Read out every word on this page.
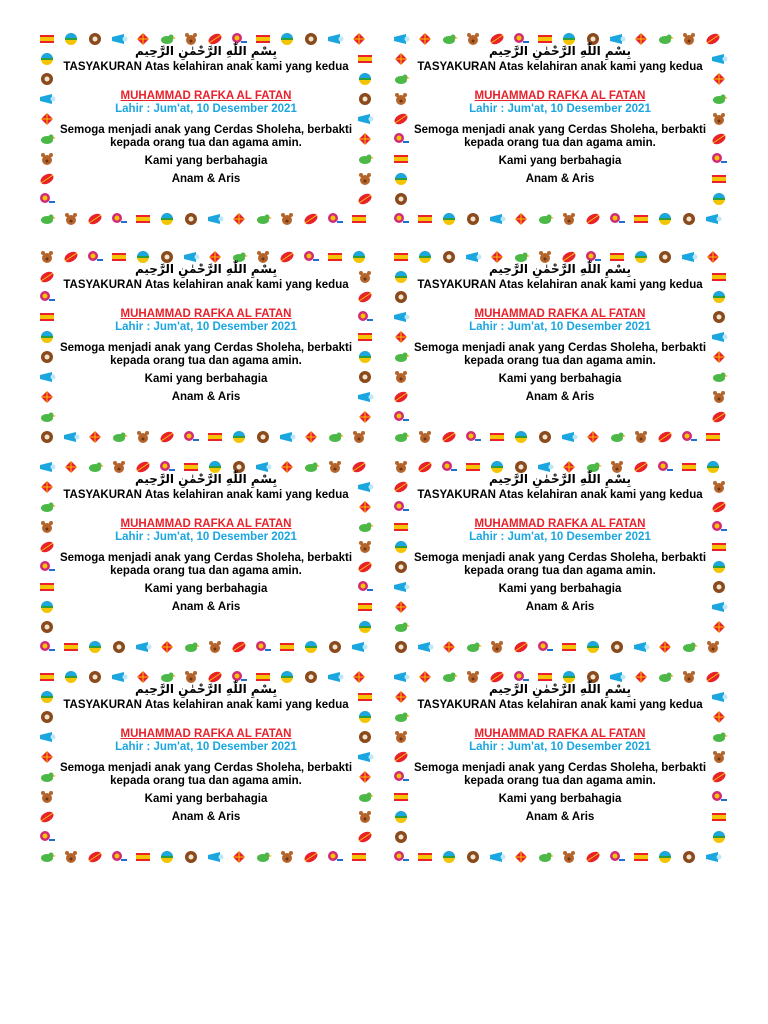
بِسْمِ اللّٰهِ الرَّحْمٰنِ الرَّحِيم
TASYAKURAN Atas kelahiran anak kami yang kedua
MUHAMMAD RAFKA AL FATAN
Lahir : Jum'at, 10 Desember 2021
Semoga menjadi anak yang Cerdas Sholeha, berbakti
kepada orang tua dan agama amin.
Kami yang berbahagia
Anam & Aris
بِسْمِ اللّٰهِ الرَّحْمٰنِ الرَّحِيم
TASYAKURAN Atas kelahiran anak kami yang kedua
MUHAMMAD RAFKA AL FATAN
Lahir : Jum'at, 10 Desember 2021
Semoga menjadi anak yang Cerdas Sholeha, berbakti
kepada orang tua dan agama amin.
Kami yang berbahagia
Anam & Aris
بِسْمِ اللّٰهِ الرَّحْمٰنِ الرَّحِيم
TASYAKURAN Atas kelahiran anak kami yang kedua
MUHAMMAD RAFKA AL FATAN
Lahir : Jum'at, 10 Desember 2021
Semoga menjadi anak yang Cerdas Sholeha, berbakti
kepada orang tua dan agama amin.
Kami yang berbahagia
Anam & Aris
بِسْمِ اللّٰهِ الرَّحْمٰنِ الرَّحِيم
TASYAKURAN Atas kelahiran anak kami yang kedua
MUHAMMAD RAFKA AL FATAN
Lahir : Jum'at, 10 Desember 2021
Semoga menjadi anak yang Cerdas Sholeha, berbakti
kepada orang tua dan agama amin.
Kami yang berbahagia
Anam & Aris
بِسْمِ اللّٰهِ الرَّحْمٰنِ الرَّحِيم
TASYAKURAN Atas kelahiran anak kami yang kedua
MUHAMMAD RAFKA AL FATAN
Lahir : Jum'at, 10 Desember 2021
Semoga menjadi anak yang Cerdas Sholeha, berbakti
kepada orang tua dan agama amin.
Kami yang berbahagia
Anam & Aris
بِسْمِ اللّٰهِ الرَّحْمٰنِ الرَّحِيم
TASYAKURAN Atas kelahiran anak kami yang kedua
MUHAMMAD RAFKA AL FATAN
Lahir : Jum'at, 10 Desember 2021
Semoga menjadi anak yang Cerdas Sholeha, berbakti
kepada orang tua dan agama amin.
Kami yang berbahagia
Anam & Aris
بِسْمِ اللّٰهِ الرَّحْمٰنِ الرَّحِيم
TASYAKURAN Atas kelahiran anak kami yang kedua
MUHAMMAD RAFKA AL FATAN
Lahir : Jum'at, 10 Desember 2021
Semoga menjadi anak yang Cerdas Sholeha, berbakti
kepada orang tua dan agama amin.
Kami yang berbahagia
Anam & Aris
بِسْمِ اللّٰهِ الرَّحْمٰنِ الرَّحِيم
TASYAKURAN Atas kelahiran anak kami yang kedua
MUHAMMAD RAFKA AL FATAN
Lahir : Jum'at, 10 Desember 2021
Semoga menjadi anak yang Cerdas Sholeha, berbakti
kepada orang tua dan agama amin.
Kami yang berbahagia
Anam & Aris
